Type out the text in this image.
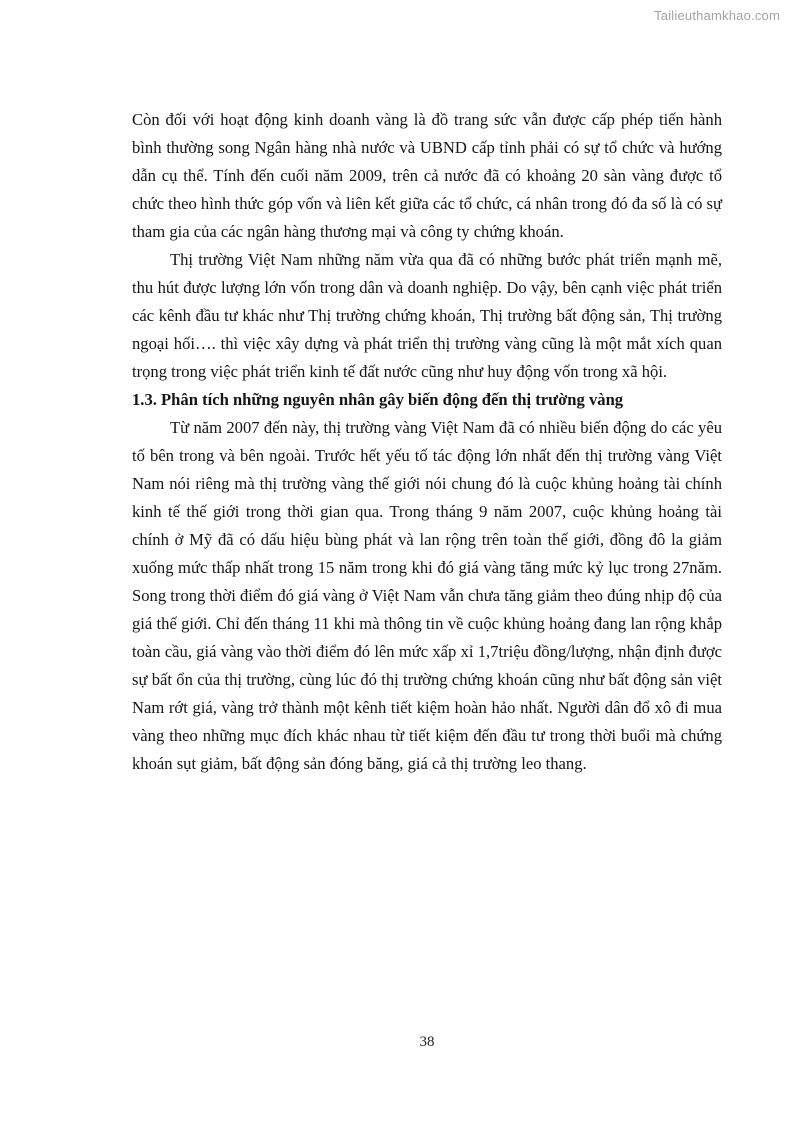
Tailieuthamkhao.com

Còn đối với hoạt động kinh doanh vàng là đồ trang sức vẫn được cấp phép tiến hành bình thường song Ngân hàng nhà nước và UBND cấp tỉnh phải có sự tổ chức và hướng dẫn cụ thể. Tính đến cuối năm 2009, trên cả nước đã có khoảng 20 sàn vàng được tổ chức theo hình thức góp vốn và liên kết giữa các tổ chức, cá nhân trong đó đa số là có sự tham gia của các ngân hàng thương mại và công ty chứng khoán.

Thị trường Việt Nam những năm vừa qua đã có những bước phát triển mạnh mẽ, thu hút được lượng lớn vốn trong dân và doanh nghiệp. Do vậy, bên cạnh việc phát triển các kênh đầu tư khác như Thị trường chứng khoán, Thị trường bất động sản, Thị trường ngoại hối…. thì việc xây dựng và phát triển thị trường vàng cũng là một mắt xích quan trọng trong việc phát triển kinh tế đất nước cũng như huy động vốn trong xã hội.

1.3. Phân tích những nguyên nhân gây biến động đến thị trường vàng

Từ năm 2007 đến này, thị trường vàng Việt Nam đã có nhiều biến động do các yêu tố bên trong và bên ngoài. Trước hết yếu tố tác động lớn nhất đến thị trường vàng Việt Nam nói riêng mà thị trường vàng thế giới nói chung đó là cuộc khủng hoảng tài chính kinh tế thế giới trong thời gian qua. Trong tháng 9 năm 2007, cuộc khủng hoảng tài chính ở Mỹ đã có dấu hiệu bùng phát và lan rộng trên toàn thế giới, đồng đô la giảm xuống mức thấp nhất trong 15 năm trong khi đó giá vàng tăng mức kỷ lục trong 27năm. Song trong thời điểm đó giá vàng ở Việt Nam vẫn chưa tăng giảm theo đúng nhịp độ của giá thế giới. Chỉ đến tháng 11 khi mà thông tin về cuộc khủng hoảng đang lan rộng khắp toàn cầu, giá vàng vào thời điểm đó lên mức xấp xỉ 1,7triệu đồng/lượng, nhận định được sự bất ổn của thị trường, cùng lúc đó thị trường chứng khoán cũng như bất động sản việt Nam rớt giá, vàng trở thành một kênh tiết kiệm hoàn hảo nhất. Người dân đổ xô đi mua vàng theo những mục đích khác nhau từ tiết kiệm đến đầu tư trong thời buổi mà chứng khoán sụt giảm, bất động sản đóng băng, giá cả thị trường leo thang.

38
